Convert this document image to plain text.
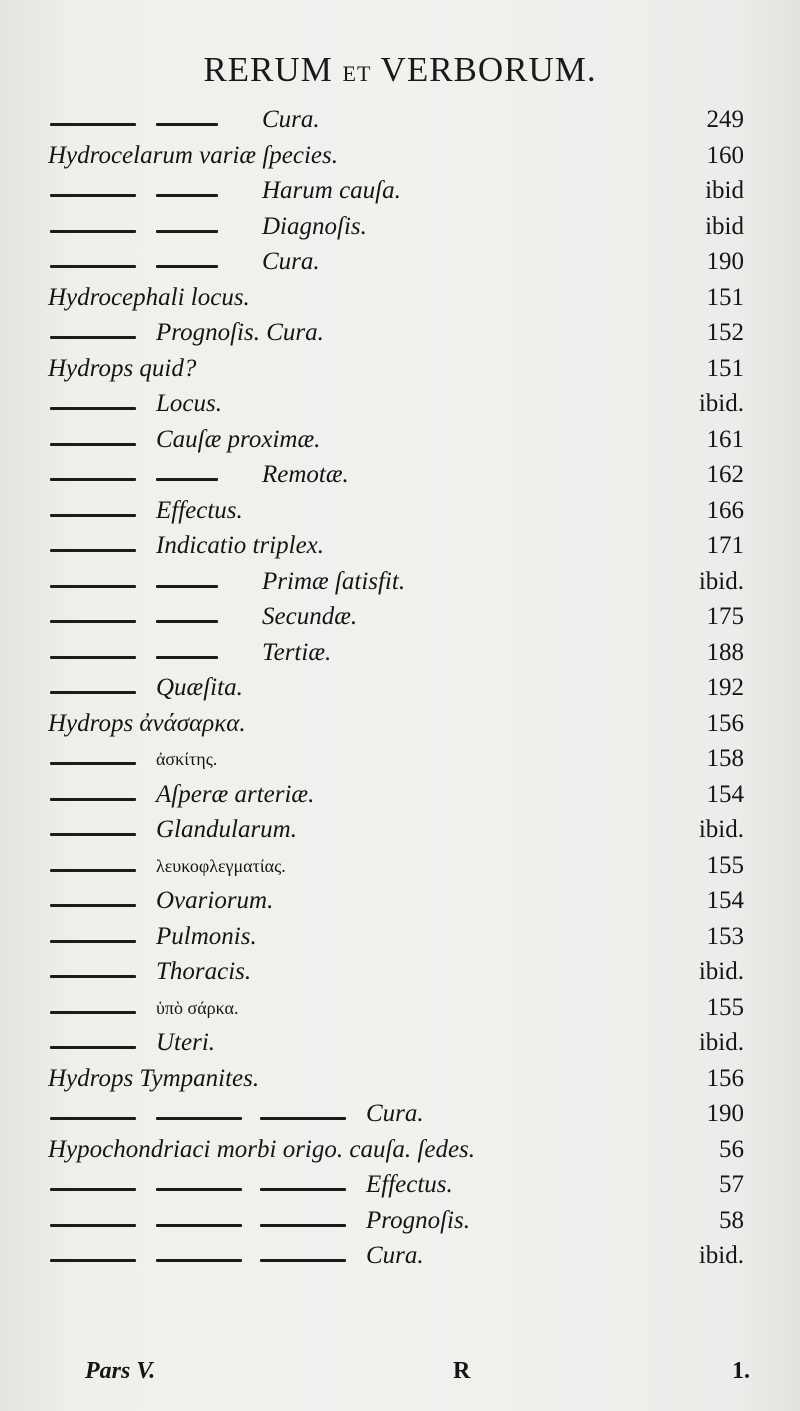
RERUM ET VERBORUM.
Cura.	249
Hydrocelarum variæ ſpecies.	160
Harum cauſa.	ibid
Diagnoſis.	ibid
Cura.	190
Hydrocephali locus.	151
Prognoſis. Cura.	152
Hydrops quid?	151
Locus.	ibid.
Cauſæ proximæ.	161
Remotæ.	162
Effectus.	166
Indicatio triplex.	171
Primæ ſatisfit.	ibid.
Secundæ.	175
Tertiæ.	188
Quæſita.	192
Hydrops ἀνάσαρκα.	156
ἀσκίτης.	158
Aſperæ arteriæ.	154
Glandularum.	ibid.
λευκοφλεγματίας.	155
Ovariorum.	154
Pulmonis.	153
Thoracis.	ibid.
ὑπὸ σάρκα.	155
Uteri.	ibid.
Hydrops Tympanites.	156
Cura.	190
Hypochondriaci morbi origo. cauſa. ſedes.	56
Effectus.	57
Prognoſis.	58
Cura.	ibid.
Pars V.	R	1.
